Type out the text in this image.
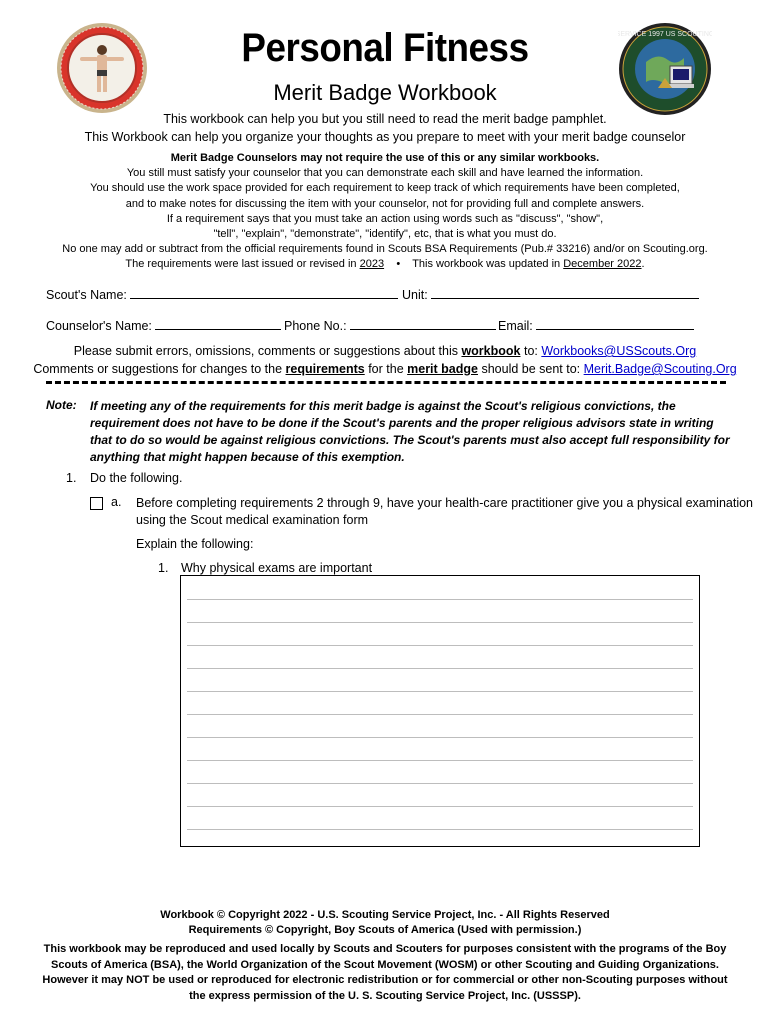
SERVICE 1997 US SCOUTING
Personal Fitness
Merit Badge Workbook
This workbook can help you but you still need to read the merit badge pamphlet.
This Workbook can help you organize your thoughts as you prepare to meet with your merit badge counselor
Merit Badge Counselors may not require the use of this or any similar workbooks.
You still must satisfy your counselor that you can demonstrate each skill and have learned the information.
You should use the work space provided for each requirement to keep track of which requirements have been completed,
and to make notes for discussing the item with your counselor, not for providing full and complete answers.
If a requirement says that you must take an action using words such as "discuss", "show",
"tell", "explain", "demonstrate", "identify", etc, that is what you must do.
No one may add or subtract from the official requirements found in Scouts BSA Requirements (Pub.# 33216) and/or on Scouting.org.
The requirements were last issued or revised in 2023 • This workbook was updated in December 2022.
Scout's Name:	Unit:
Counselor's Name:	Phone No.:	Email:
Please submit errors, omissions, comments or suggestions about this workbook to: Workbooks@USScouts.Org
Comments or suggestions for changes to the requirements for the merit badge should be sent to: Merit.Badge@Scouting.Org
Note: If meeting any of the requirements for this merit badge is against the Scout's religious convictions, the requirement does not have to be done if the Scout's parents and the proper religious advisors state in writing that to do so would be against religious convictions. The Scout's parents must also accept full responsibility for anything that might happen because of this exemption.
1. Do the following.
a. Before completing requirements 2 through 9, have your health-care practitioner give you a physical examination
using the Scout medical examination form
Explain the following:
1. Why physical exams are important
Workbook © Copyright 2022 - U.S. Scouting Service Project, Inc. - All Rights Reserved
Requirements © Copyright, Boy Scouts of America (Used with permission.)
This workbook may be reproduced and used locally by Scouts and Scouters for purposes consistent with the programs of the Boy Scouts of America (BSA), the World Organization of the Scout Movement (WOSM) or other Scouting and Guiding Organizations. However it may NOT be used or reproduced for electronic redistribution or for commercial or other non-Scouting purposes without the express permission of the U. S. Scouting Service Project, Inc. (USSSP).
